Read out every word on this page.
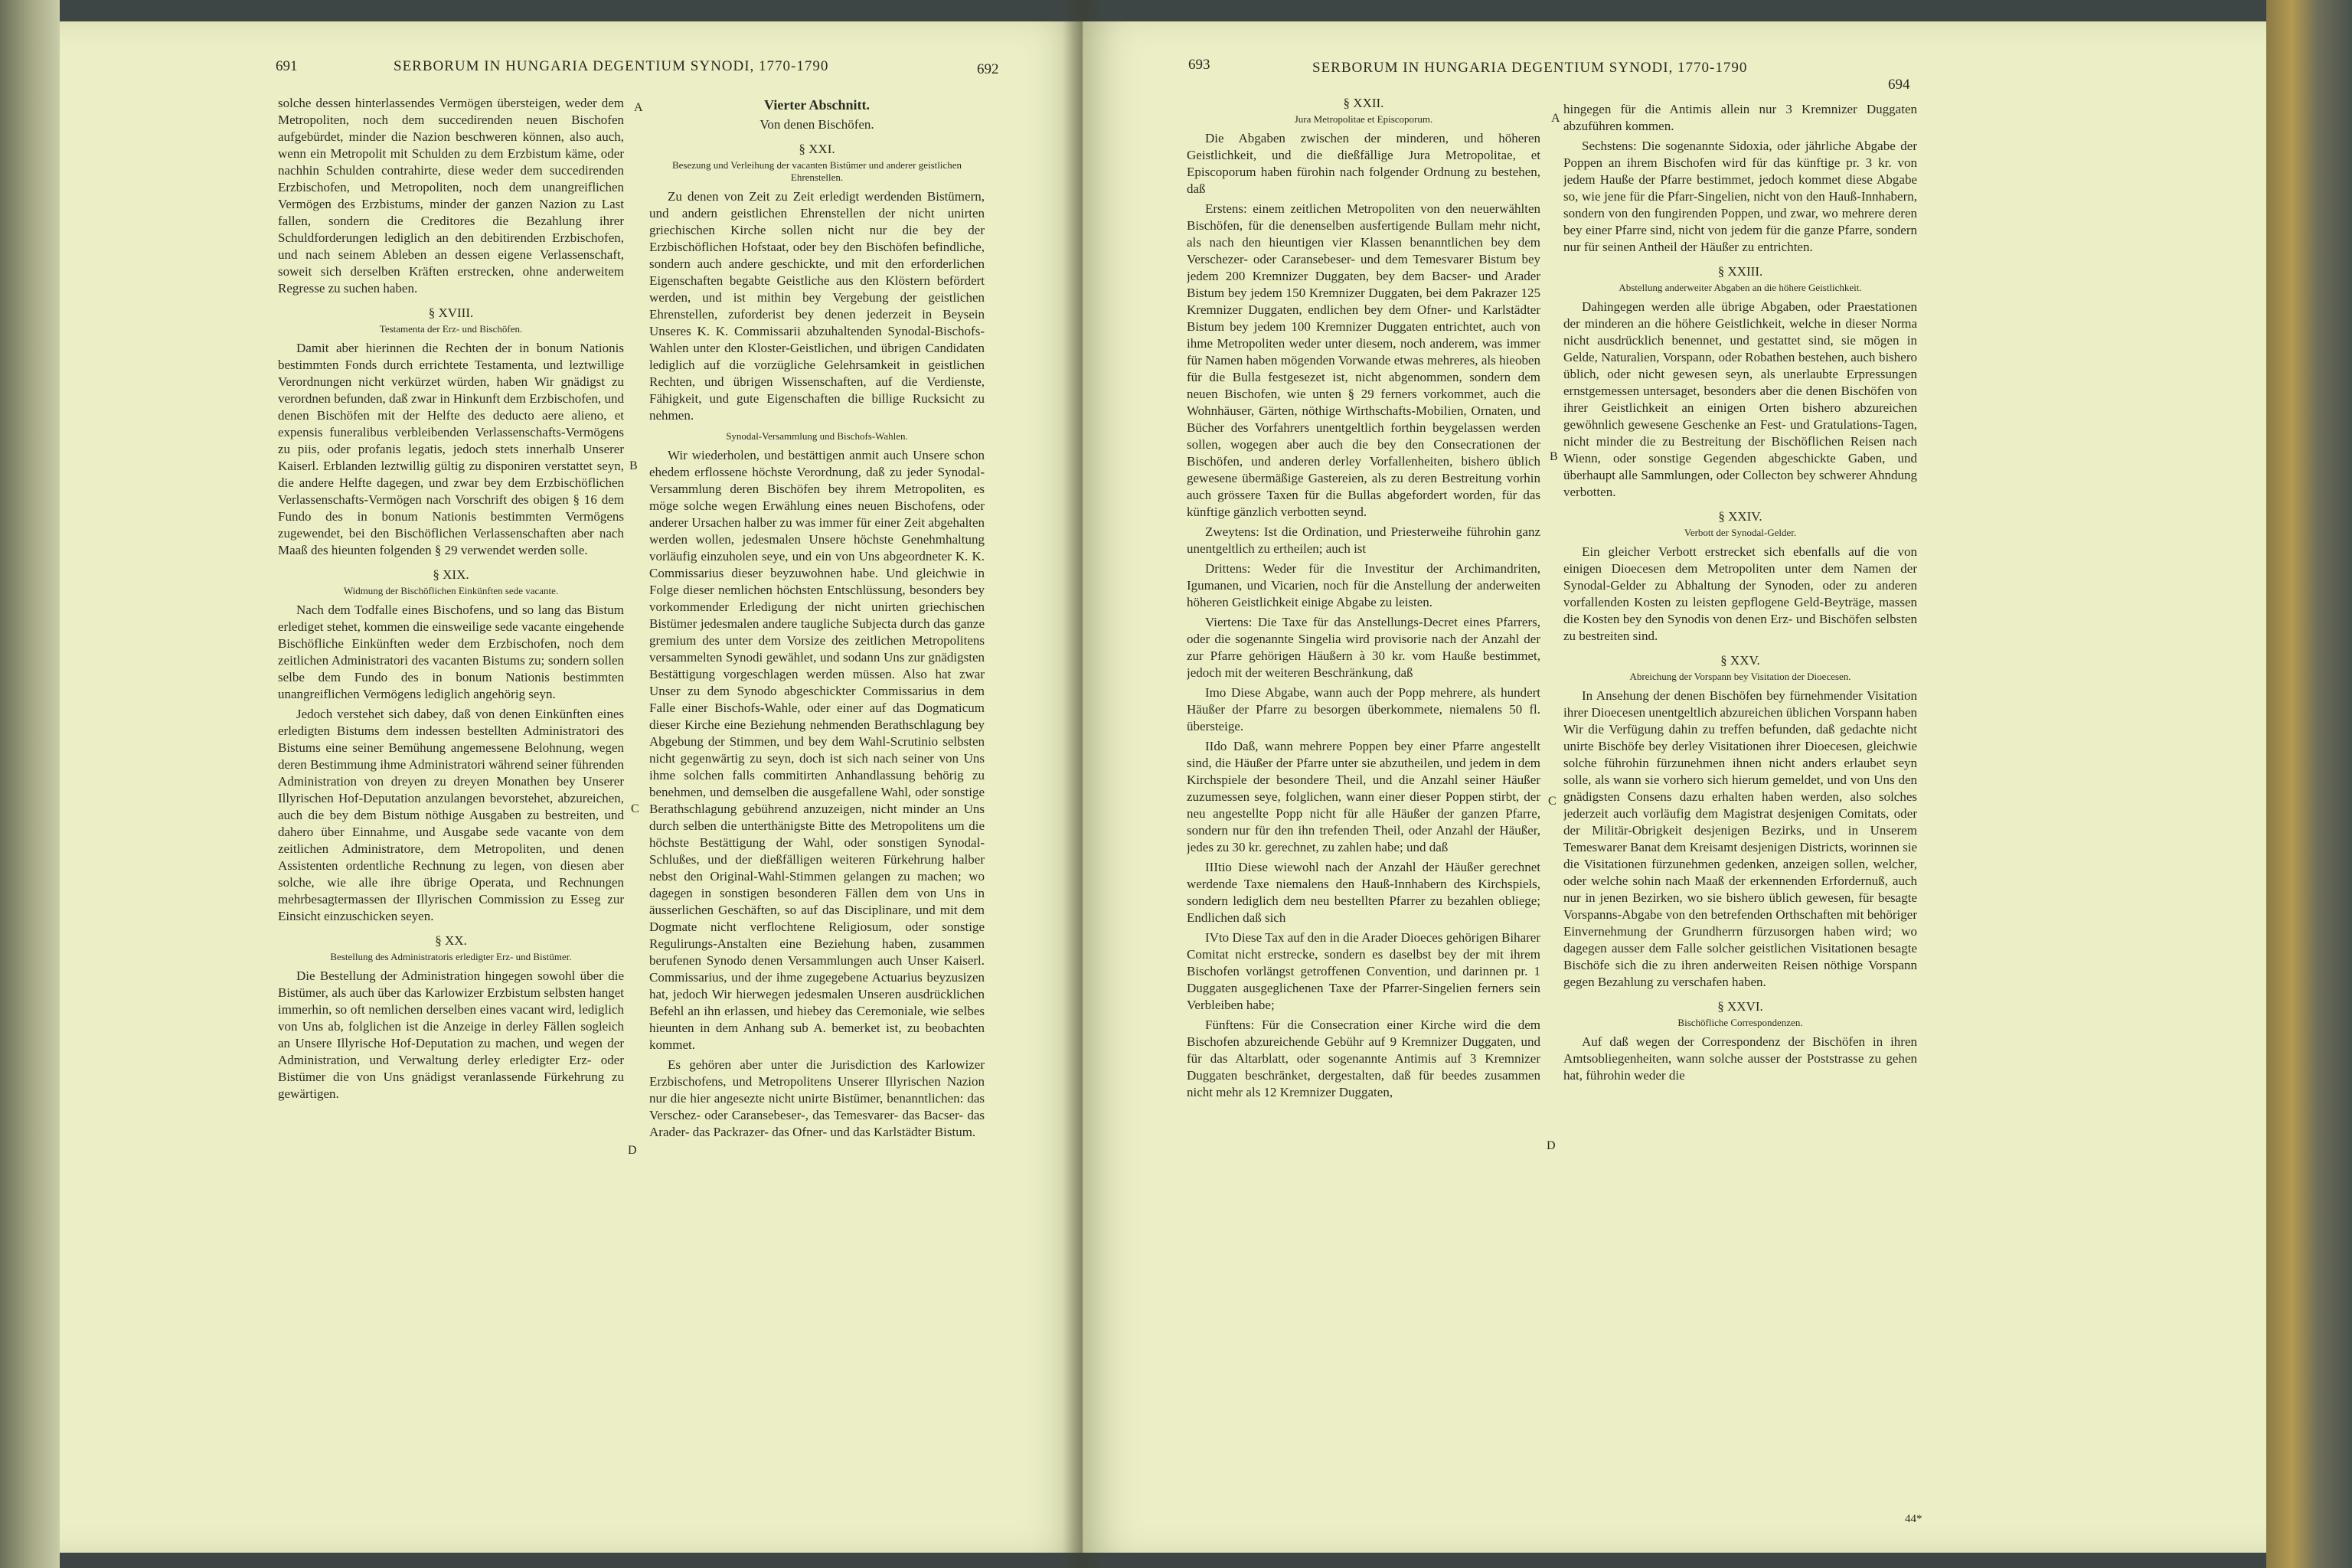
691	SERBORUM IN HUNGARIA DEGENTIUM SYNODI, 1770-1790	692

solche dessen hinterlassendes Vermögen übersteigen, weder dem Metropoliten, noch dem succedirenden neuen Bischofen aufgebürdet, minder die Nazion beschweren können, also auch, wenn ein Metropolit mit Schulden zu dem Erzbistum käme, oder nachhin Schulden contrahirte, diese weder dem succedirenden Erzbischofen, und Metropoliten, noch dem unangreiflichen Vermögen des Erzbistums, minder der ganzen Nazion zu Last fallen, sondern die Creditores die Bezahlung ihrer Schuldforderungen lediglich an den debitirenden Erzbischofen, und nach seinem Ableben an dessen eigene Verlassenschaft, soweit sich derselben Kräften erstrecken, ohne anderweitem Regresse zu suchen haben.

§ XVIII.
Testamenta der Erz- und Bischöfen.

Damit aber hierinnen die Rechten der in bonum Nationis bestimmten Fonds durch errichtete Testamenta, und leztwillige Verordnungen nicht verkürzet würden, haben Wir gnädigst zu verordnen befunden, daß zwar in Hinkunft dem Erzbischofen, und denen Bischöfen mit der Helfte des deducto aere alieno, et expensis funeralibus verbleibenden Verlassenschafts-Vermögens zu piis, oder profanis legatis, jedoch stets innerhalb Unserer Kaiserl. Erblanden leztwillig gültig zu disponiren verstattet seyn, die andere Helfte dagegen, und zwar bey dem Erzbischöflichen Verlassenschafts-Vermögen nach Vorschrift des obigen § 16 dem Fundo des in bonum Nationis bestimmten Vermögens zugewendet, bei den Bischöflichen Verlassenschaften aber nach Maaß des hieunten folgenden § 29 verwendet werden solle.

§ XIX.
Widmung der Bischöflichen Einkünften sede vacante.

Nach dem Todfalle eines Bischofens, und so lang das Bistum erlediget stehet, kommen die einsweilige sede vacante eingehende Bischöfliche Einkünften weder dem Erzbischofen, noch dem zeitlichen Administratori des vacanten Bistums zu; sondern sollen selbe dem Fundo des in bonum Nationis bestimmten unangreiflichen Vermögens lediglich angehörig seyn.

Jedoch verstehet sich dabey, daß von denen Einkünften eines erledigten Bistums dem indessen bestellten Administratori des Bistums eine seiner Bemühung angemessene Belohnung, wegen deren Bestimmung ihme Administratori während seiner führenden Administration von dreyen zu dreyen Monathen bey Unserer Illyrischen Hof-Deputation anzulangen bevorstehet, abzureichen, auch die bey dem Bistum nöthige Ausgaben zu bestreiten, und dahero über Einnahme, und Ausgabe sede vacante von dem zeitlichen Administratore, dem Metropoliten, und denen Assistenten ordentliche Rechnung zu legen, von diesen aber solche, wie alle ihre übrige Operata, und Rechnungen mehrbesagtermassen der Illyrischen Commission zu Esseg zur Einsicht einzuschicken seyen.

§ XX.
Bestellung des Administratoris erledigter Erz- und Bistümer.

Die Bestellung der Administration hingegen sowohl über die Bistümer, als auch über das Karlowizer Erzbistum selbsten hanget immerhin, so oft nemlichen derselben eines vacant wird, lediglich von Uns ab, folglichen ist die Anzeige in derley Fällen sogleich an Unsere Illyrische Hof-Deputation zu machen, und wegen der Administration, und Verwaltung derley erledigter Erz- oder Bistümer die von Uns gnädigst veranlassende Fürkehrung zu gewärtigen.

A
B
C
D
Vierter Abschnitt.
Von denen Bischöfen.
§ XXI.
Besezung und Verleihung der vacanten Bistümer und anderer geistlichen Ehrenstellen.

Zu denen von Zeit zu Zeit erledigt werdenden Bistümern, und andern geistlichen Ehrenstellen der nicht unirten griechischen Kirche sollen nicht nur die bey der Erzbischöflichen Hofstaat, oder bey den Bischöfen befindliche, sondern auch andere geschickte, und mit den erforderlichen Eigenschaften begabte Geistliche aus den Klöstern befördert werden, und ist mithin bey Vergebung der geistlichen Ehrenstellen, zuforderist bey denen jederzeit in Beysein Unseres K. K. Commissarii abzuhaltenden Synodal-Bischofs-Wahlen unter den Kloster-Geistlichen, und übrigen Candidaten lediglich auf die vorzügliche Gelehrsamkeit in geistlichen Rechten, und übrigen Wissenschaften, auf die Verdienste, Fähigkeit, und gute Eigenschaften die billige Rucksicht zu nehmen.

Synodal-Versammlung und Bischofs-Wahlen.

Wir wiederholen, und bestättigen anmit auch Unsere schon ehedem erflossene höchste Verordnung, daß zu jeder Synodal-Versammlung deren Bischöfen bey ihrem Metropoliten, es möge solche wegen Erwählung eines neuen Bischofens, oder anderer Ursachen halber zu was immer für einer Zeit abgehalten werden wollen, jedesmalen Unsere höchste Genehmhaltung vorläufig einzuholen seye, und ein von Uns abgeordneter K. K. Commissarius dieser beyzuwohnen habe. Und gleichwie in Folge dieser nemlichen höchsten Entschlüssung, besonders bey vorkommender Erledigung der nicht unirten griechischen Bistümer jedesmalen andere taugliche Subjecta durch das ganze gremium des unter dem Vorsize des zeitlichen Metropolitens versammelten Synodi gewählet, und sodann Uns zur gnädigsten Bestättigung vorgeschlagen werden müssen. Also hat zwar Unser zu dem Synodo abgeschickter Commissarius in dem Falle einer Bischofs-Wahle, oder einer auf das Dogmaticum dieser Kirche eine Beziehung nehmenden Berathschlagung bey Abgebung der Stimmen, und bey dem Wahl-Scrutinio selbsten nicht gegenwärtig zu seyn, doch ist sich nach seiner von Uns ihme solchen falls commitirten Anhandlassung behörig zu benehmen, und demselben die ausgefallene Wahl, oder sonstige Berathschlagung gebührend anzuzeigen, nicht minder an Uns durch selben die unterthänigste Bitte des Metropolitens um die höchste Bestättigung der Wahl, oder sonstigen Synodal-Schlußes, und der dießfälligen weiteren Fürkehrung halber nebst den Original-Wahl-Stimmen gelangen zu machen; wo dagegen in sonstigen besonderen Fällen dem von Uns in äusserlichen Geschäften, so auf das Disciplinare, und mit dem Dogmate nicht verflochtene Religiosum, oder sonstige Regulirungs-Anstalten eine Beziehung haben, zusammen berufenen Synodo denen Versammlungen auch Unser Kaiserl. Commissarius, und der ihme zugegebene Actuarius beyzusizen hat, jedoch Wir hierwegen jedesmalen Unseren ausdrücklichen Befehl an ihn erlassen, und hiebey das Ceremoniale, wie selbes hieunten in dem Anhang sub A. bemerket ist, zu beobachten kommet.

Es gehören aber unter die Jurisdiction des Karlowizer Erzbischofens, und Metropolitens Unserer Illyrischen Nazion nur die hier angesezte nicht unirte Bistümer, benanntlichen: das Verschez- oder Caransebeser-, das Temesvarer- das Bacser- das Arader- das Packrazer- das Ofner- und das Karlstädter Bistum.

693	SERBORUM IN HUNGARIA DEGENTIUM SYNODI, 1770-1790
694
§ XXII.
Jura Metropolitae et Episcoporum.

Die Abgaben zwischen der minderen, und höheren Geistlichkeit, und die dießfällige Jura Metropolitae, et Episcoporum haben fürohin nach folgender Ordnung zu bestehen, daß

Erstens: einem zeitlichen Metropoliten von den neuerwählten Bischöfen, für die denenselben ausfertigende Bullam mehr nicht, als nach den hieuntigen vier Klassen benanntlichen bey dem Verschezer- oder Caransebeser- und dem Temesvarer Bistum bey jedem 200 Kremnizer Duggaten, bey dem Bacser- und Arader Bistum bey jedem 150 Kremnizer Duggaten, bei dem Pakrazer 125 Kremnizer Duggaten, endlichen bey dem Ofner- und Karlstädter Bistum bey jedem 100 Kremnizer Duggaten entrichtet, auch von ihme Metropoliten weder unter diesem, noch anderem, was immer für Namen haben mögenden Vorwande etwas mehreres, als hieoben für die Bulla festgesezet ist, nicht abgenommen, sondern dem neuen Bischofen, wie unten § 29 ferners vorkommet, auch die Wohnhäuser, Gärten, nöthige Wirthschafts-Mobilien, Ornaten, und Bücher des Vorfahrers unentgeltlich forthin beygelassen werden sollen, wogegen aber auch die bey den Consecrationen der Bischöfen, und anderen derley Vorfallenheiten, bishero üblich gewesene übermäßige Gastereien, als zu deren Bestreitung vorhin auch grössere Taxen für die Bullas abgefordert worden, für das künftige gänzlich verbotten seynd.

Zweytens: Ist die Ordination, und Priesterweihe führohin ganz unentgeltlich zu ertheilen; auch ist

Drittens: Weder für die Investitur der Archimandriten, Igumanen, und Vicarien, noch für die Anstellung der anderweiten höheren Geistlichkeit einige Abgabe zu leisten.

Viertens: Die Taxe für das Anstellungs-Decret eines Pfarrers, oder die sogenannte Singelia wird provisorie nach der Anzahl der zur Pfarre gehörigen Häußern à 30 kr. vom Hauße bestimmet, jedoch mit der weiteren Beschränkung, daß

Imo Diese Abgabe, wann auch der Popp mehrere, als hundert Häußer der Pfarre zu besorgen überkommete, niemalens 50 fl. übersteige.

IIdo Daß, wann mehrere Poppen bey einer Pfarre angestellt sind, die Häußer der Pfarre unter sie abzutheilen, und jedem in dem Kirchspiele der besondere Theil, und die Anzahl seiner Häußer zuzumessen seye, folglichen, wann einer dieser Poppen stirbt, der neu angestellte Popp nicht für alle Häußer der ganzen Pfarre, sondern nur für den ihn trefenden Theil, oder Anzahl der Häußer, jedes zu 30 kr. gerechnet, zu zahlen habe; und daß

IIItio Diese wiewohl nach der Anzahl der Häußer gerechnet werdende Taxe niemalens den Hauß-Innhabern des Kirchspiels, sondern lediglich dem neu bestellten Pfarrer zu bezahlen obliege; Endlichen daß sich

IVto Diese Tax auf den in die Arader Dioeces gehörigen Biharer Comitat nicht erstrecke, sondern es daselbst bey der mit ihrem Bischofen vorlängst getroffenen Convention, und darinnen pr. 1 Duggaten ausgeglichenen Taxe der Pfarrer-Singelien ferners sein Verbleiben habe;

Fünftens: Für die Consecration einer Kirche wird die dem Bischofen abzureichende Gebühr auf 9 Kremnizer Duggaten, und für das Altarblatt, oder sogenannte Antimis auf 3 Kremnizer Duggaten beschränket, dergestalten, daß für beedes zusammen nicht mehr als 12 Kremnizer Duggaten,

A
B
C
D

hingegen für die Antimis allein nur 3 Kremnizer Duggaten abzuführen kommen.

Sechstens: Die sogenannte Sidoxia, oder jährliche Abgabe der Poppen an ihrem Bischofen wird für das künftige pr. 3 kr. von jedem Hauße der Pfarre bestimmet, jedoch kommet diese Abgabe so, wie jene für die Pfarr-Singelien, nicht von den Hauß-Innhabern, sondern von den fungirenden Poppen, und zwar, wo mehrere deren bey einer Pfarre sind, nicht von jedem für die ganze Pfarre, sondern nur für seinen Antheil der Häußer zu entrichten.

§ XXIII.
Abstellung anderweiter Abgaben an die höhere Geistlichkeit.

Dahingegen werden alle übrige Abgaben, oder Praestationen der minderen an die höhere Geistlichkeit, welche in dieser Norma nicht ausdrücklich benennet, und gestattet sind, sie mögen in Gelde, Naturalien, Vorspann, oder Robathen bestehen, auch bishero üblich, oder nicht gewesen seyn, als unerlaubte Erpressungen ernstgemessen untersaget, besonders aber die denen Bischöfen von ihrer Geistlichkeit an einigen Orten bishero abzureichen gewöhnlich gewesene Geschenke an Fest- und Gratulations-Tagen, nicht minder die zu Bestreitung der Bischöflichen Reisen nach Wienn, oder sonstige Gegenden abgeschickte Gaben, und überhaupt alle Sammlungen, oder Collecton bey schwerer Ahndung verbotten.

§ XXIV.
Verbott der Synodal-Gelder.

Ein gleicher Verbott erstrecket sich ebenfalls auf die von einigen Dioecesen dem Metropoliten unter dem Namen der Synodal-Gelder zu Abhaltung der Synoden, oder zu anderen vorfallenden Kosten zu leisten gepflogene Geld-Beyträge, massen die Kosten bey den Synodis von denen Erz- und Bischöfen selbsten zu bestreiten sind.

§ XXV.
Abreichung der Vorspann bey Visitation der Dioecesen.

In Ansehung der denen Bischöfen bey fürnehmender Visitation ihrer Dioecesen unentgeltlich abzureichen üblichen Vorspann haben Wir die Verfügung dahin zu treffen befunden, daß gedachte nicht unirte Bischöfe bey derley Visitationen ihrer Dioecesen, gleichwie solche führohin fürzunehmen ihnen nicht anders erlaubet seyn solle, als wann sie vorhero sich hierum gemeldet, und von Uns den gnädigsten Consens dazu erhalten haben werden, also solches jederzeit auch vorläufig dem Magistrat desjenigen Comitats, oder der Militär-Obrigkeit desjenigen Bezirks, und in Unserem Temeswarer Banat dem Kreisamt desjenigen Districts, worinnen sie die Visitationen fürzunehmen gedenken, anzeigen sollen, welcher, oder welche sohin nach Maaß der erkennenden Erfordernuß, auch nur in jenen Bezirken, wo sie bishero üblich gewesen, für besagte Vorspanns-Abgabe von den betrefenden Orthschaften mit behöriger Einvernehmung der Grundherrn fürzusorgen haben wird; wo dagegen ausser dem Falle solcher geistlichen Visitationen besagte Bischöfe sich die zu ihren anderweiten Reisen nöthige Vorspann gegen Bezahlung zu verschafen haben.

§ XXVI.
Bischöfliche Correspondenzen.

Auf daß wegen der Correspondenz der Bischöfen in ihren Amtsobliegenheiten, wann solche ausser der Poststrasse zu gehen hat, führohin weder die

44*
